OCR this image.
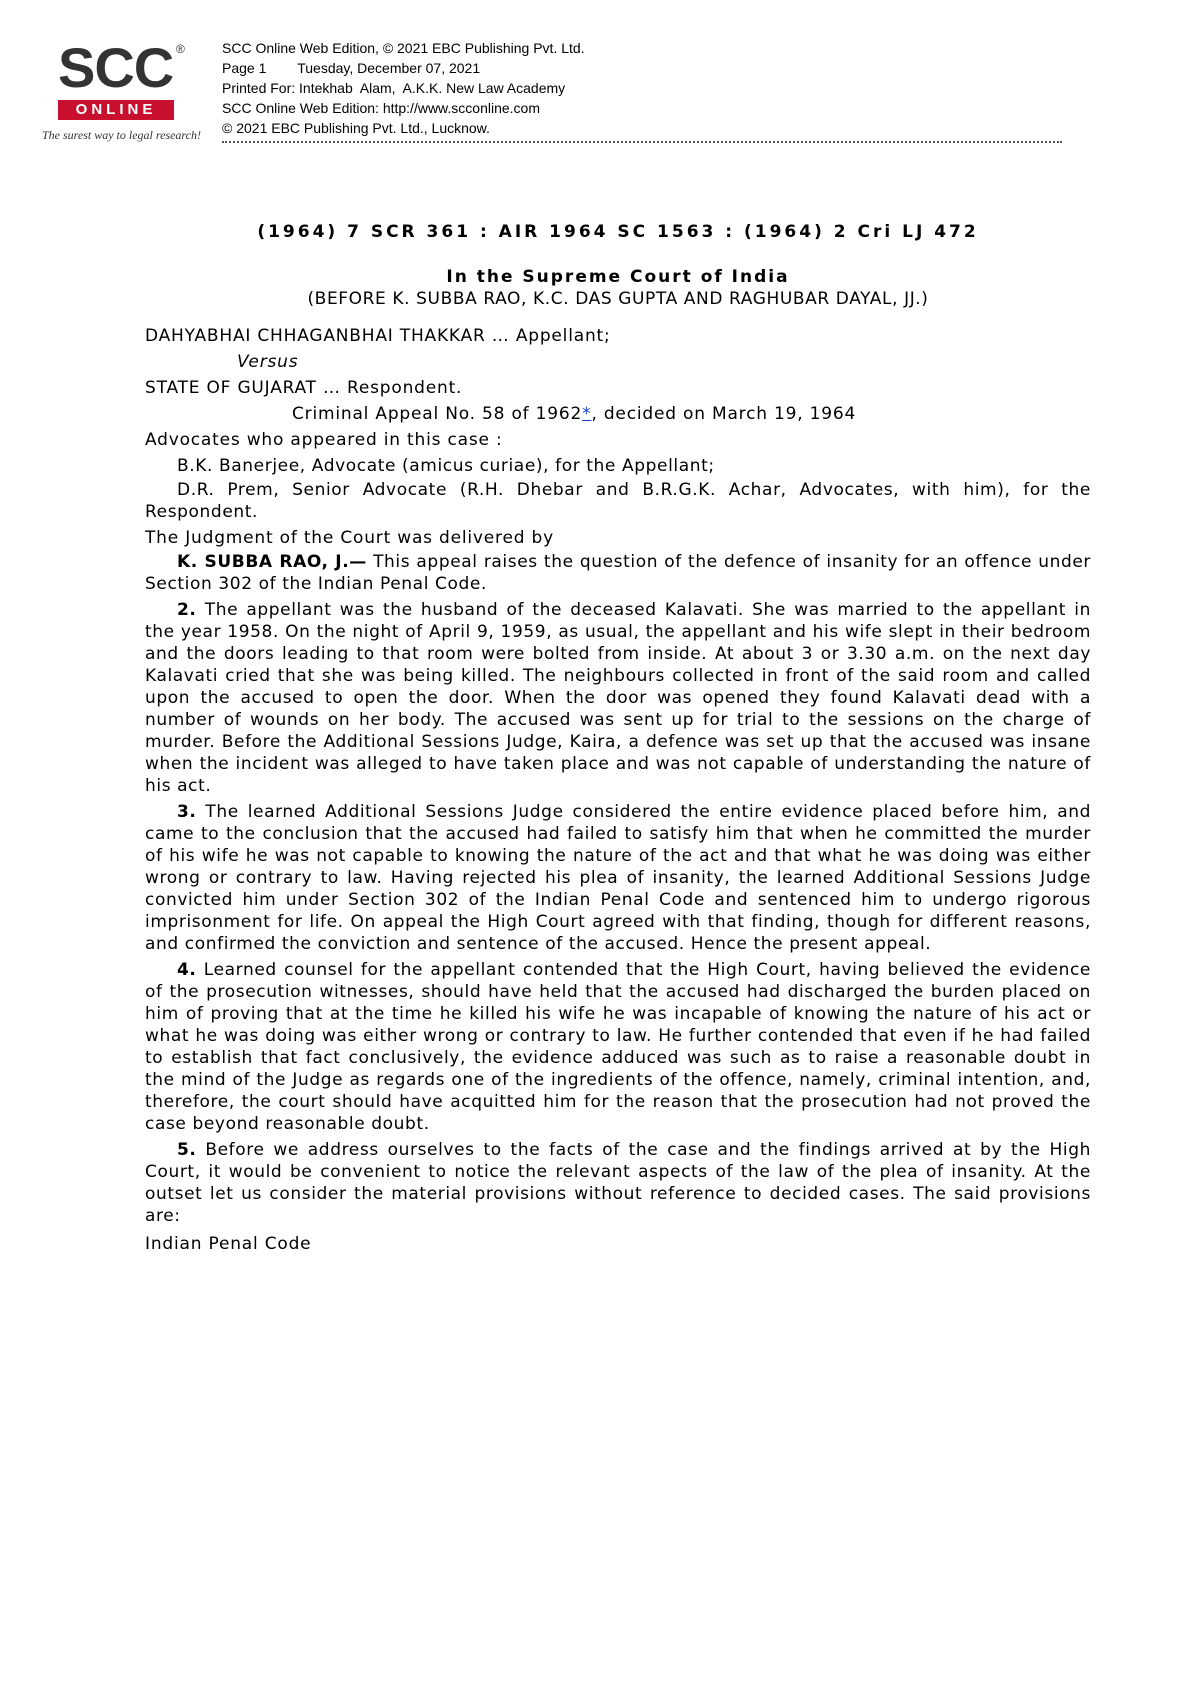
SCC ®
ONLINE
The surest way to legal research!
SCC Online Web Edition, © 2021 EBC Publishing Pvt. Ltd.
Page 1        Tuesday, December 07, 2021
Printed For: Intekhab  Alam,  A.K.K. New Law Academy
SCC Online Web Edition: http://www.scconline.com
© 2021 EBC Publishing Pvt. Ltd., Lucknow.

(1964) 7 SCR 361 : AIR 1964 SC 1563 : (1964) 2 Cri LJ 472

In the Supreme Court of India

(BEFORE K. SUBBA RAO, K.C. DAS GUPTA AND RAGHUBAR DAYAL, JJ.)

DAHYABHAI CHHAGANBHAI THAKKAR … Appellant;

Versus

STATE OF GUJARAT … Respondent.

Criminal Appeal No. 58 of 1962*, decided on March 19, 1964

Advocates who appeared in this case :

B.K. Banerjee, Advocate (amicus curiae), for the Appellant;

D.R. Prem, Senior Advocate (R.H. Dhebar and B.R.G.K. Achar, Advocates, with him), for the Respondent.

The Judgment of the Court was delivered by

K. SUBBA RAO, J.— This appeal raises the question of the defence of insanity for an offence under Section 302 of the Indian Penal Code.

2. The appellant was the husband of the deceased Kalavati. She was married to the appellant in the year 1958. On the night of April 9, 1959, as usual, the appellant and his wife slept in their bedroom and the doors leading to that room were bolted from inside. At about 3 or 3.30 a.m. on the next day Kalavati cried that she was being killed. The neighbours collected in front of the said room and called upon the accused to open the door. When the door was opened they found Kalavati dead with a number of wounds on her body. The accused was sent up for trial to the sessions on the charge of murder. Before the Additional Sessions Judge, Kaira, a defence was set up that the accused was insane when the incident was alleged to have taken place and was not capable of understanding the nature of his act.

3. The learned Additional Sessions Judge considered the entire evidence placed before him, and came to the conclusion that the accused had failed to satisfy him that when he committed the murder of his wife he was not capable to knowing the nature of the act and that what he was doing was either wrong or contrary to law. Having rejected his plea of insanity, the learned Additional Sessions Judge convicted him under Section 302 of the Indian Penal Code and sentenced him to undergo rigorous imprisonment for life. On appeal the High Court agreed with that finding, though for different reasons, and confirmed the conviction and sentence of the accused. Hence the present appeal.

4. Learned counsel for the appellant contended that the High Court, having believed the evidence of the prosecution witnesses, should have held that the accused had discharged the burden placed on him of proving that at the time he killed his wife he was incapable of knowing the nature of his act or what he was doing was either wrong or contrary to law. He further contended that even if he had failed to establish that fact conclusively, the evidence adduced was such as to raise a reasonable doubt in the mind of the Judge as regards one of the ingredients of the offence, namely, criminal intention, and, therefore, the court should have acquitted him for the reason that the prosecution had not proved the case beyond reasonable doubt.

5. Before we address ourselves to the facts of the case and the findings arrived at by the High Court, it would be convenient to notice the relevant aspects of the law of the plea of insanity. At the outset let us consider the material provisions without reference to decided cases. The said provisions are:

Indian Penal Code
